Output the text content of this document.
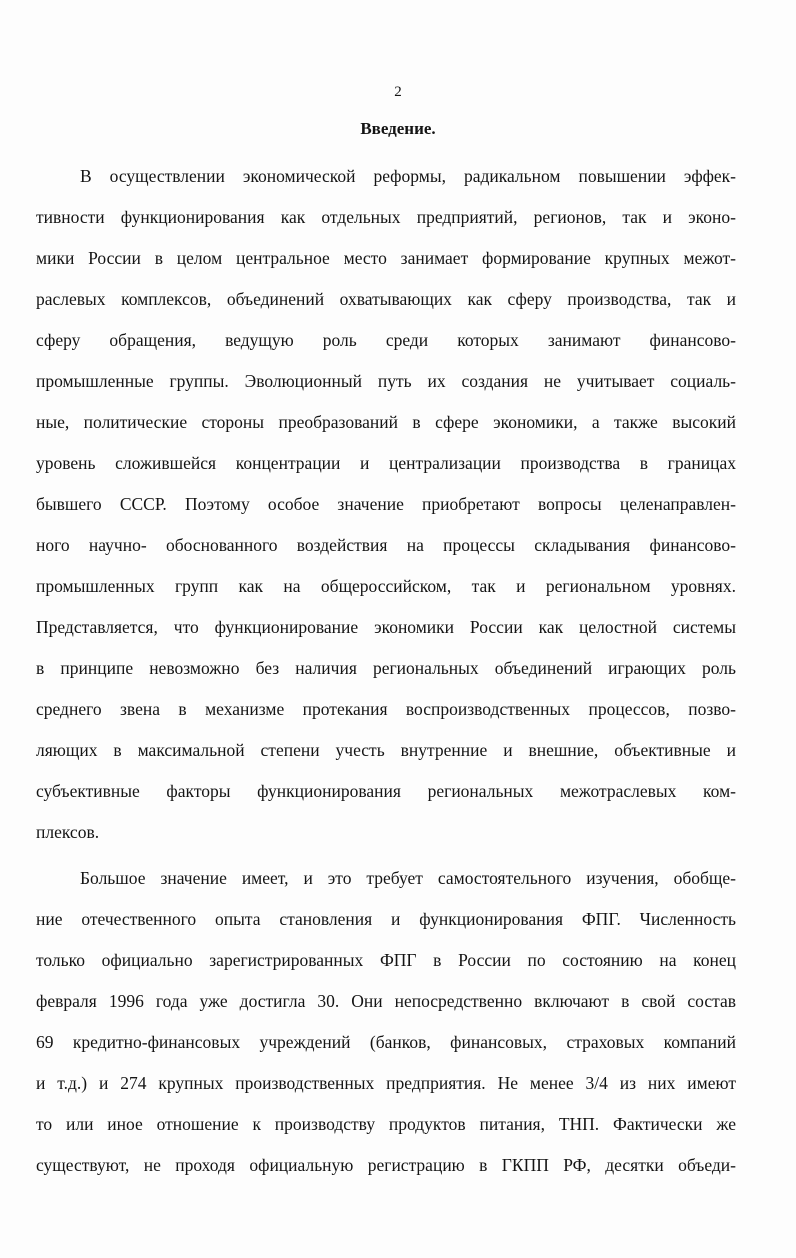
2
Введение.
В осуществлении экономической реформы, радикальном повышении эффек-
тивности функционирования как отдельных предприятий, регионов, так и эконо-
мики России в целом центральное место занимает формирование крупных межот-
раслевых комплексов, объединений охватывающих как сферу производства, так и
сферу обращения, ведущую роль среди которых занимают финансово-
промышленные группы. Эволюционный путь их создания не учитывает социаль-
ные, политические стороны преобразований в сфере экономики, а также высокий
уровень сложившейся концентрации и централизации производства в границах
бывшего СССР. Поэтому особое значение приобретают вопросы целенаправлен-
ного научно- обоснованного воздействия на процессы складывания финансово-
промышленных групп как на общероссийском, так и региональном уровнях.
Представляется, что функционирование экономики России как целостной системы
в принципе невозможно без наличия региональных объединений играющих роль
среднего звена в механизме протекания воспроизводственных процессов, позво-
ляющих в максимальной степени учесть внутренние и внешние, объективные и
субъективные факторы функционирования региональных межотраслевых ком-
плексов.
Большое значение имеет, и это требует самостоятельного изучения, обобще-
ние отечественного опыта становления и функционирования ФПГ. Численность
только официально зарегистрированных ФПГ в России по состоянию на конец
февраля 1996 года уже достигла 30. Они непосредственно включают в свой состав
69 кредитно-финансовых учреждений (банков, финансовых, страховых компаний
и т.д.) и 274 крупных производственных предприятия. Не менее 3/4 из них имеют
то или иное отношение к производству продуктов питания, ТНП. Фактически же
существуют, не проходя официальную регистрацию в ГКПП РФ, десятки объеди-
